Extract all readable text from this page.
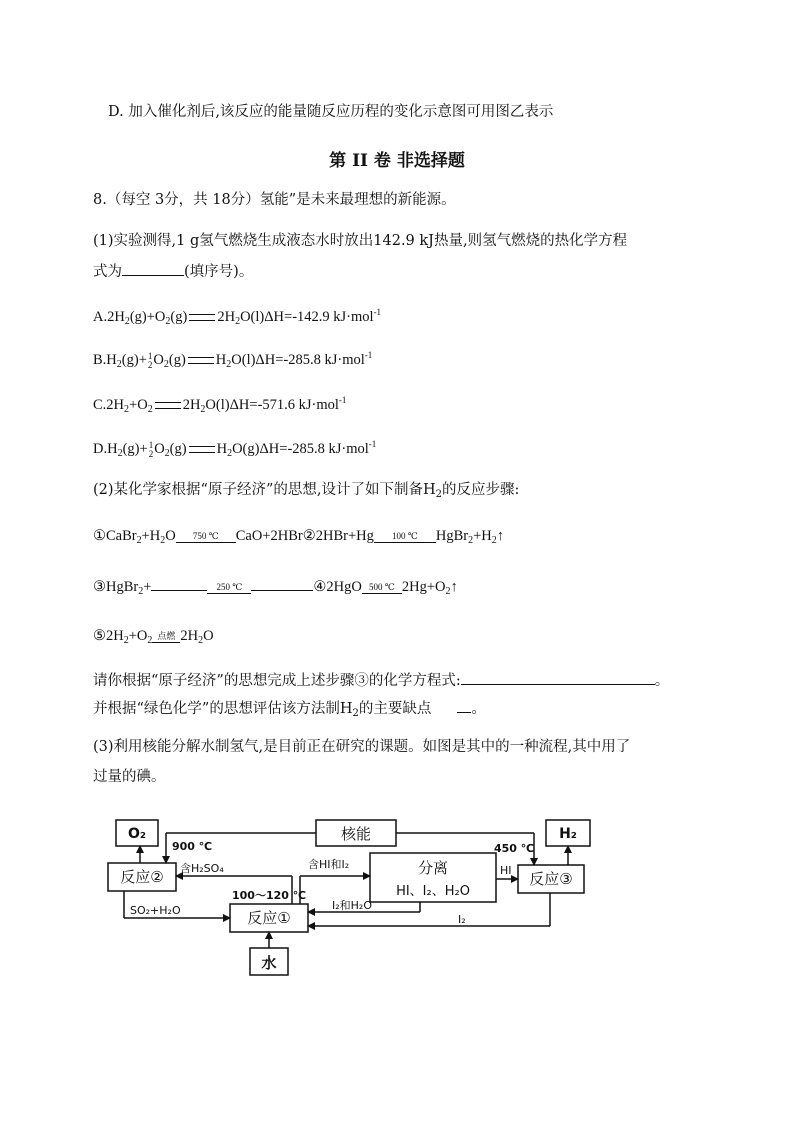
D. 加入催化剂后,该反应的能量随反应历程的变化示意图可用图乙表示
第 II 卷 非选择题
8.（每空 3分，共 18分）氢能”是未来最理想的新能源。
(1)实验测得,1 g氢气燃烧生成液态水时放出142.9 kJ热量,则氢气燃烧的热化学方程
式为	(填序号)。
$A.2H_2(g)+O_2(g)$ $2H_2O(l)\Delta H=-142.9$ kJ·mol$^{-1}$
$B.H_2(g)+ 1$
2 $O_2(g)$ $H_2O(l)\Delta H=-285.8$ kJ·mol$^{-1}$
$C.2H_2+O_2$ $2H_2O(l)\Delta H=-571.6$ kJ·mol$^{-1}$
$D.H_2(g)+ 1$
2 $O_2(g)$ $H_2O(g)\Delta H=-285.8$ kJ·mol$^{-1}$
(2)某化学家根据“原子经济”的思想,设计了如下制备$H_2$的反应步骤:
$①CaBr_2+H_2O$	750 ℃	CaO+2HBr②2HBr+Hg	100 ℃	$HgBr_2+H_2↑$
③HgBr$_2$+	250 ℃	④2HgO 500 ℃ $2Hg+O_2↑$
$⑤2H_2+O_2$ 点燃 $2H_2O$
请你根据“原子经济”的思想完成上述步骤③的化学方程式:	。
并根据“绿色化学”的思想评估该方法制$H_2$的主要缺点	。
(3)利用核能分解水制氢气,是目前正在研究的课题。如图是其中的一种流程,其中用了
过量的碘。
O₂	H₂
核能
反应②	反应③
分离
HI、I₂、H₂O
反应①
水
900 ℃	450 ℃
100～120 ℃
含H₂SO₄	含HI和I₂	HI
SO₂+H₂O	I₂和H₂O
I₂
